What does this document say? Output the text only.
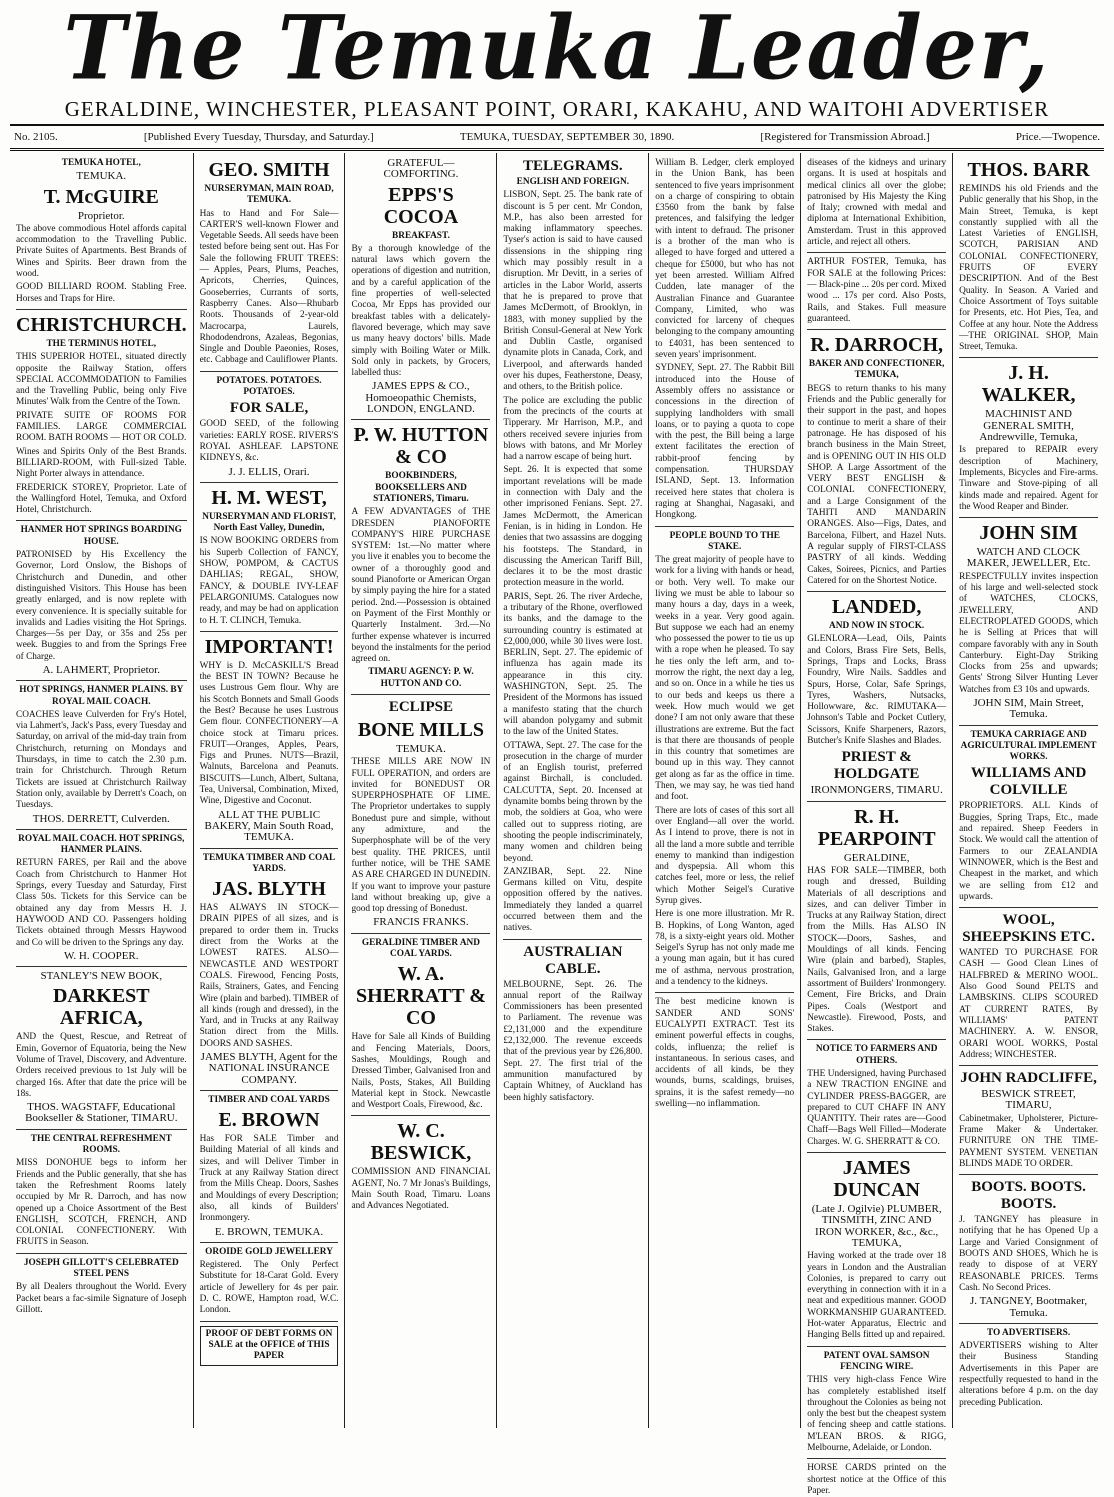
The Temuka Leader,
GERALDINE, WINCHESTER, PLEASANT POINT, ORARI, KAKAHU, AND WAITOHI ADVERTISER
No. 2105.	[Published Every Tuesday, Thursday, and Saturday.]	TEMUKA, TUESDAY, SEPTEMBER 30, 1890.	[Registered for Transmission Abroad.]	Price.—Twopence.
TEMUKA HOTEL,
TEMUKA.
T. McGUIRE
Proprietor.
The above commodious Hotel affords capital accommodation to the Travelling Public. Private Suites of Apartments. Best Brands of Wines and Spirits. Beer drawn from the wood.
GOOD BILLIARD ROOM. Stabling Free. Horses and Traps for Hire.
CHRISTCHURCH.
THE TERMINUS HOTEL,
THIS SUPERIOR HOTEL, situated directly opposite the Railway Station, offers SPECIAL ACCOMMODATION to Families and the Travelling Public, being only Five Minutes' Walk from the Centre of the Town.
PRIVATE SUITE OF ROOMS FOR FAMILIES. LARGE COMMERCIAL ROOM. BATH ROOMS — HOT OR COLD.
Wines and Spirits Only of the Best Brands. BILLIARD-ROOM, with Full-sized Table. Night Porter always in attendance.
FREDERICK STOREY, Proprietor. Late of the Wallingford Hotel, Temuka, and Oxford Hotel, Christchurch.
HANMER HOT SPRINGS BOARDING HOUSE.
PATRONISED by His Excellency the Governor, Lord Onslow, the Bishops of Christchurch and Dunedin, and other distinguished Visitors. This House has been greatly enlarged, and is now replete with every convenience. It is specially suitable for invalids and Ladies visiting the Hot Springs. Charges—5s per Day, or 35s and 25s per week. Buggies to and from the Springs Free of Charge.
A. LAHMERT, Proprietor.
HOT SPRINGS, HANMER PLAINS. BY ROYAL MAIL COACH.
COACHES leave Culverden for Fry's Hotel, via Lahmert's, Jack's Pass, every Tuesday and Saturday, on arrival of the mid-day train from Christchurch, returning on Mondays and Thursdays, in time to catch the 2.30 p.m. train for Christchurch. Through Return Tickets are issued at Christchurch Railway Station only, available by Derrett's Coach, on Tuesdays.
THOS. DERRETT, Culverden.
ROYAL MAIL COACH. HOT SPRINGS, HANMER PLAINS.
RETURN FARES, per Rail and the above Coach from Christchurch to Hanmer Hot Springs, every Tuesday and Saturday, First Class 50s. Tickets for this Service can be obtained any day from Messrs H. J. HAYWOOD AND CO. Passengers holding Tickets obtained through Messrs Haywood and Co will be driven to the Springs any day.
W. H. COOPER.
STANLEY'S NEW BOOK,
DARKEST AFRICA,
AND the Quest, Rescue, and Retreat of Emin, Governor of Equatoria, being the New Volume of Travel, Discovery, and Adventure. Orders received previous to 1st July will be charged 16s. After that date the price will be 18s.
THOS. WAGSTAFF, Educational Bookseller & Stationer, TIMARU.
THE CENTRAL REFRESHMENT ROOMS.
MISS DONOHUE begs to inform her Friends and the Public generally, that she has taken the Refreshment Rooms lately occupied by Mr R. Darroch, and has now opened up a Choice Assortment of the Best ENGLISH, SCOTCH, FRENCH, AND COLONIAL CONFECTIONERY. With FRUITS in Season.
JOSEPH GILLOTT'S CELEBRATED STEEL PENS
By all Dealers throughout the World. Every Packet bears a fac-simile Signature of Joseph Gillott.
GEO. SMITH
NURSERYMAN, MAIN ROAD, TEMUKA.
Has to Hand and For Sale—CARTER'S well-known Flower and Vegetable Seeds. All seeds have been tested before being sent out. Has For Sale the following FRUIT TREES:— Apples, Pears, Plums, Peaches, Apricots, Cherries, Quinces, Gooseberries, Currants of sorts, Raspberry Canes. Also—Rhubarb Roots. Thousands of 2-year-old Macrocarpa, Laurels, Rhododendrons, Azaleas, Begonias, Single and Double Paeonies, Roses, etc. Cabbage and Cauliflower Plants.
POTATOES. POTATOES. POTATOES.
FOR SALE,
GOOD SEED, of the following varieties: EARLY ROSE. RIVERS'S ROYAL ASHLEAF. LAPSTONE KIDNEYS, &c.
J. J. ELLIS, Orari.
H. M. WEST,
NURSERYMAN AND FLORIST, North East Valley, Dunedin,
IS NOW BOOKING ORDERS from his Superb Collection of FANCY, SHOW, POMPOM, & CACTUS DAHLIAS; REGAL, SHOW, FANCY, & DOUBLE IVY-LEAF PELARGONIUMS. Catalogues now ready, and may be had on application to H. T. CLINCH, Temuka.
IMPORTANT!
WHY is D. McCASKILL'S Bread the BEST IN TOWN? Because he uses Lustrous Gem flour. Why are his Scotch Bonnets and Small Goods the Best? Because he uses Lustrous Gem flour. CONFECTIONERY—A choice stock at Timaru prices. FRUIT—Oranges, Apples, Pears, Figs and Prunes. NUTS—Brazil, Walnuts, Barcelona and Peanuts. BISCUITS—Lunch, Albert, Sultana, Tea, Universal, Combination, Mixed, Wine, Digestive and Coconut.
ALL AT THE PUBLIC BAKERY, Main South Road, TEMUKA.
TEMUKA TIMBER AND COAL YARDS.
JAS. BLYTH
HAS ALWAYS IN STOCK—DRAIN PIPES of all sizes, and is prepared to order them in. Trucks direct from the Works at the LOWEST RATES. ALSO—NEWCASTLE AND WESTPORT COALS. Firewood, Fencing Posts, Rails, Strainers, Gates, and Fencing Wire (plain and barbed). TIMBER of all kinds (rough and dressed), in the Yard, and in Trucks at any Railway Station direct from the Mills. DOORS AND SASHES.
JAMES BLYTH, Agent for the NATIONAL INSURANCE COMPANY.
TIMBER AND COAL YARDS
E. BROWN
Has FOR SALE Timber and Building Material of all kinds and sizes, and will Deliver Timber in Truck at any Railway Station direct from the Mills Cheap. Doors, Sashes and Mouldings of every Description; also, all kinds of Builders' Ironmongery.
E. BROWN, TEMUKA.
OROIDE GOLD JEWELLERY
Registered. The Only Perfect Substitute for 18-Carat Gold. Every article of Jewellery for 4s per pair. D. C. ROWE, Hampton road, W.C. London.
PROOF OF DEBT FORMS ON SALE at the OFFICE of THIS PAPER
GRATEFUL—COMFORTING.
EPPS'S COCOA
BREAKFAST.
By a thorough knowledge of the natural laws which govern the operations of digestion and nutrition, and by a careful application of the fine properties of well-selected Cocoa, Mr Epps has provided our breakfast tables with a delicately-flavored beverage, which may save us many heavy doctors' bills. Made simply with Boiling Water or Milk. Sold only in packets, by Grocers, labelled thus:
JAMES EPPS & CO., Homoeopathic Chemists, LONDON, ENGLAND.
P. W. HUTTON & CO
BOOKBINDERS, BOOKSELLERS AND STATIONERS, Timaru.
A FEW ADVANTAGES of THE DRESDEN PIANOFORTE COMPANY'S HIRE PURCHASE SYSTEM: 1st.—No matter where you live it enables you to become the owner of a thoroughly good and sound Pianoforte or American Organ by simply paying the hire for a stated period. 2nd.—Possession is obtained on Payment of the First Monthly or Quarterly Instalment. 3rd.—No further expense whatever is incurred beyond the instalments for the period agreed on.
TIMARU AGENCY: P. W. HUTTON AND CO.
ECLIPSE
BONE MILLS
TEMUKA.
THESE MILLS ARE NOW IN FULL OPERATION, and orders are invited for BONEDUST OR SUPERPHOSPHATE OF LIME. The Proprietor undertakes to supply Bonedust pure and simple, without any admixture, and the Superphosphate will be of the very best quality. THE PRICES, until further notice, will be THE SAME AS ARE CHARGED IN DUNEDIN. If you want to improve your pasture land without breaking up, give a good top dressing of Bonedust.
FRANCIS FRANKS.
GERALDINE TIMBER AND COAL YARDS.
W. A. SHERRATT & CO
Have for Sale all Kinds of Building and Fencing Materials, Doors, Sashes, Mouldings, Rough and Dressed Timber, Galvanised Iron and Nails, Posts, Stakes, All Building Material kept in Stock. Newcastle and Westport Coals, Firewood, &c.
W. C. BESWICK,
COMMISSION AND FINANCIAL AGENT, No. 7 Mr Jonas's Buildings, Main South Road, Timaru. Loans and Advances Negotiated.
TELEGRAMS.
ENGLISH AND FOREIGN.
LISBON, Sept. 25. The bank rate of discount is 5 per cent. Mr Condon, M.P., has also been arrested for making inflammatory speeches. Tyser's action is said to have caused dissensions in the shipping ring which may possibly result in a disruption. Mr Devitt, in a series of articles in the Labor World, asserts that he is prepared to prove that James McDermott, of Brooklyn, in 1883, with money supplied by the British Consul-General at New York and Dublin Castle, organised dynamite plots in Canada, Cork, and Liverpool, and afterwards handed over his dupes, Featherstone, Deasy, and others, to the British police.
The police are excluding the public from the precincts of the courts at Tipperary. Mr Harrison, M.P., and others received severe injuries from blows with batons, and Mr Morley had a narrow escape of being hurt.
Sept. 26. It is expected that some important revelations will be made in connection with Daly and the other imprisoned Fenians. Sept. 27. James McDermott, the American Fenian, is in hiding in London. He denies that two assassins are dogging his footsteps. The Standard, in discussing the American Tariff Bill, declares it to be the most drastic protection measure in the world.
PARIS, Sept. 26. The river Ardeche, a tributary of the Rhone, overflowed its banks, and the damage to the surrounding country is estimated at £2,000,000, while 30 lives were lost. BERLIN, Sept. 27. The epidemic of influenza has again made its appearance in this city. WASHINGTON, Sept. 25. The President of the Mormons has issued a manifesto stating that the church will abandon polygamy and submit to the law of the United States.
OTTAWA, Sept. 27. The case for the prosecution in the charge of murder of an English tourist, preferred against Birchall, is concluded. CALCUTTA, Sept. 20. Incensed at dynamite bombs being thrown by the mob, the soldiers at Goa, who were called out to suppress rioting, are shooting the people indiscriminately, many women and children being beyond.
ZANZIBAR, Sept. 22. Nine Germans killed on Vitu, despite opposition offered by the natives. Immediately they landed a quarrel occurred between them and the natives.
AUSTRALIAN CABLE.
MELBOURNE, Sept. 26. The annual report of the Railway Commissioners has been presented to Parliament. The revenue was £2,131,000 and the expenditure £2,132,000. The revenue exceeds that of the previous year by £26,800. Sept. 27. The first trial of the ammunition manufactured by Captain Whitney, of Auckland has been highly satisfactory.
William B. Ledger, clerk employed in the Union Bank, has been sentenced to five years imprisonment on a charge of conspiring to obtain £3560 from the bank by false pretences, and falsifying the ledger with intent to defraud. The prisoner is a brother of the man who is alleged to have forged and uttered a cheque for £5000, but who has not yet been arrested. William Alfred Cudden, late manager of the Australian Finance and Guarantee Company, Limited, who was convicted for larceny of cheques belonging to the company amounting to £4031, has been sentenced to seven years' imprisonment.
SYDNEY, Sept. 27. The Rabbit Bill introduced into the House of Assembly offers no assistance or concessions in the direction of supplying landholders with small loans, or to paying a quota to cope with the pest, the Bill being a large extent facilitates the erection of rabbit-proof fencing by compensation. THURSDAY ISLAND, Sept. 13. Information received here states that cholera is raging at Shanghai, Nagasaki, and Hongkong.
PEOPLE BOUND TO THE STAKE.
The great majority of people have to work for a living with hands or head, or both. Very well. To make our living we must be able to labour so many hours a day, days in a week, weeks in a year. Very good again. But suppose we each had an enemy who possessed the power to tie us up with a rope when he pleased. To say he ties only the left arm, and to-morrow the right, the next day a leg, and so on. Once in a while he ties us to our beds and keeps us there a week. How much would we get done? I am not only aware that these illustrations are extreme. But the fact is that there are thousands of people in this country that sometimes are bound up in this way. They cannot get along as far as the office in time. Then, we may say, he was tied hand and foot.
There are lots of cases of this sort all over England—all over the world. As I intend to prove, there is not in all the land a more subtle and terrible enemy to mankind than indigestion and dyspepsia. All whom this catches feel, more or less, the relief which Mother Seigel's Curative Syrup gives.
Here is one more illustration. Mr R. B. Hopkins, of Long Wanton, aged 78, is a sixty-eight years old. Mother Seigel's Syrup has not only made me a young man again, but it has cured me of asthma, nervous prostration, and a tendency to the kidneys.
The best medicine known is SANDER AND SONS' EUCALYPTI EXTRACT. Test its eminent powerful effects in coughs, colds, influenza; the relief is instantaneous. In serious cases, and accidents of all kinds, be they wounds, burns, scaldings, bruises, sprains, it is the safest remedy—no swelling—no inflammation.
diseases of the kidneys and urinary organs. It is used at hospitals and medical clinics all over the globe; patronised by His Majesty the King of Italy; crowned with medal and diploma at International Exhibition, Amsterdam. Trust in this approved article, and reject all others.
ARTHUR FOSTER, Temuka, has FOR SALE at the following Prices:— Black-pine ... 20s per cord. Mixed wood ... 17s per cord. Also Posts, Rails, and Stakes. Full measure guaranteed.
R. DARROCH,
BAKER AND CONFECTIONER, TEMUKA,
BEGS to return thanks to his many Friends and the Public generally for their support in the past, and hopes to continue to merit a share of their patronage. He has disposed of his branch business in the Main Street, and is OPENING OUT IN HIS OLD SHOP. A Large Assortment of the VERY BEST ENGLISH & COLONIAL CONFECTIONERY, and a Large Consignment of the TAHITI AND MANDARIN ORANGES. Also—Figs, Dates, and Barcelona, Filbert, and Hazel Nuts. A regular supply of FIRST-CLASS PASTRY of all kinds. Wedding Cakes, Soirees, Picnics, and Parties Catered for on the Shortest Notice.
LANDED,
AND NOW IN STOCK.
GLENLORA—Lead, Oils, Paints and Colors, Brass Fire Sets, Bells, Springs, Traps and Locks, Brass Foundry, Wire Nails. Saddles and Spurs, Horse, Colar, Safe Springs, Tyres, Washers, Nutsacks, Hollowware, &c. RIMUTAKA—Johnson's Table and Pocket Cutlery, Scissors, Knife Sharpeners, Razors, Butcher's Knife Slashes and Blades.
PRIEST & HOLDGATE
IRONMONGERS, TIMARU.
R. H. PEARPOINT
GERALDINE,
HAS FOR SALE—TIMBER, both rough and dressed, Building Materials of all descriptions and sizes, and can deliver Timber in Trucks at any Railway Station, direct from the Mills. Has ALSO IN STOCK—Doors, Sashes, and Mouldings of all kinds. Fencing Wire (plain and barbed), Staples, Nails, Galvanised Iron, and a large assortment of Builders' Ironmongery. Cement, Fire Bricks, and Drain Pipes. Coals (Westport and Newcastle). Firewood, Posts, and Stakes.
NOTICE TO FARMERS AND OTHERS.
THE Undersigned, having Purchased a NEW TRACTION ENGINE and CYLINDER PRESS-BAGGER, are prepared to CUT CHAFF IN ANY QUANTITY. Their rates are—Good Chaff—Bags Well Filled—Moderate Charges. W. G. SHERRATT & CO.
JAMES DUNCAN
(Late J. Ogilvie) PLUMBER, TINSMITH, ZINC AND IRON WORKER, &c., &c., TEMUKA,
Having worked at the trade over 18 years in London and the Australian Colonies, is prepared to carry out everything in connection with it in a neat and expeditious manner. GOOD WORKMANSHIP GUARANTEED. Hot-water Apparatus, Electric and Hanging Bells fitted up and repaired.
PATENT OVAL SAMSON FENCING WIRE.
THIS very high-class Fence Wire has completely established itself throughout the Colonies as being not only the best but the cheapest system of fencing sheep and cattle stations. M'LEAN BROS. & RIGG, Melbourne, Adelaide, or London.
HORSE CARDS printed on the shortest notice at the Office of this Paper.
THOS. BARR
REMINDS his old Friends and the Public generally that his Shop, in the Main Street, Temuka, is kept constantly supplied with all the Latest Varieties of ENGLISH, SCOTCH, PARISIAN AND COLONIAL CONFECTIONERY, FRUITS OF EVERY DESCRIPTION. And of the Best Quality. In Season. A Varied and Choice Assortment of Toys suitable for Presents, etc. Hot Pies, Tea, and Coffee at any hour. Note the Address—THE ORIGINAL SHOP, Main Street, Temuka.
J. H. WALKER,
MACHINIST AND GENERAL SMITH, Andrewville, Temuka,
Is prepared to REPAIR every description of Machinery, Implements, Bicycles and Fire-arms. Tinware and Stove-piping of all kinds made and repaired. Agent for the Wood Reaper and Binder.
JOHN SIM
WATCH AND CLOCK MAKER, JEWELLER, Etc.
RESPECTFULLY invites inspection of his large and well-selected stock of WATCHES, CLOCKS, JEWELLERY, AND ELECTROPLATED GOODS, which he is Selling at Prices that will compare favorably with any in South Canterbury. Eight-Day Striking Clocks from 25s and upwards; Gents' Strong Silver Hunting Lever Watches from £3 10s and upwards.
JOHN SIM, Main Street, Temuka.
TEMUKA CARRIAGE AND AGRICULTURAL IMPLEMENT WORKS.
WILLIAMS AND COLVILLE
PROPRIETORS. ALL Kinds of Buggies, Spring Traps, Etc., made and repaired. Sheep Feeders in Stock. We would call the attention of Farmers to our ZEALANDIA WINNOWER, which is the Best and Cheapest in the market, and which we are selling from £12 and upwards.
WOOL, SHEEPSKINS ETC.
WANTED TO PURCHASE FOR CASH — Good Clean Lines of HALFBRED & MERINO WOOL. Also Good Sound PELTS and LAMBSKINS. CLIPS SCOURED AT CURRENT RATES, By WILLIAMS' PATENT MACHINERY. A. W. ENSOR, ORARI WOOL WORKS, Postal Address; WINCHESTER.
JOHN RADCLIFFE,
BESWICK STREET, TIMARU,
Cabinetmaker, Upholsterer, Picture-Frame Maker & Undertaker. FURNITURE ON THE TIME-PAYMENT SYSTEM. VENETIAN BLINDS MADE TO ORDER.
BOOTS. BOOTS. BOOTS.
J. TANGNEY has pleasure in notifying that he has Opened Up a Large and Varied Consignment of BOOTS AND SHOES, Which he is ready to dispose of at VERY REASONABLE PRICES. Terms Cash. No Second Prices.
J. TANGNEY, Bootmaker, Temuka.
TO ADVERTISERS.
ADVERTISERS wishing to Alter their Business Standing Advertisements in this Paper are respectfully requested to hand in the alterations before 4 p.m. on the day preceding Publication.
